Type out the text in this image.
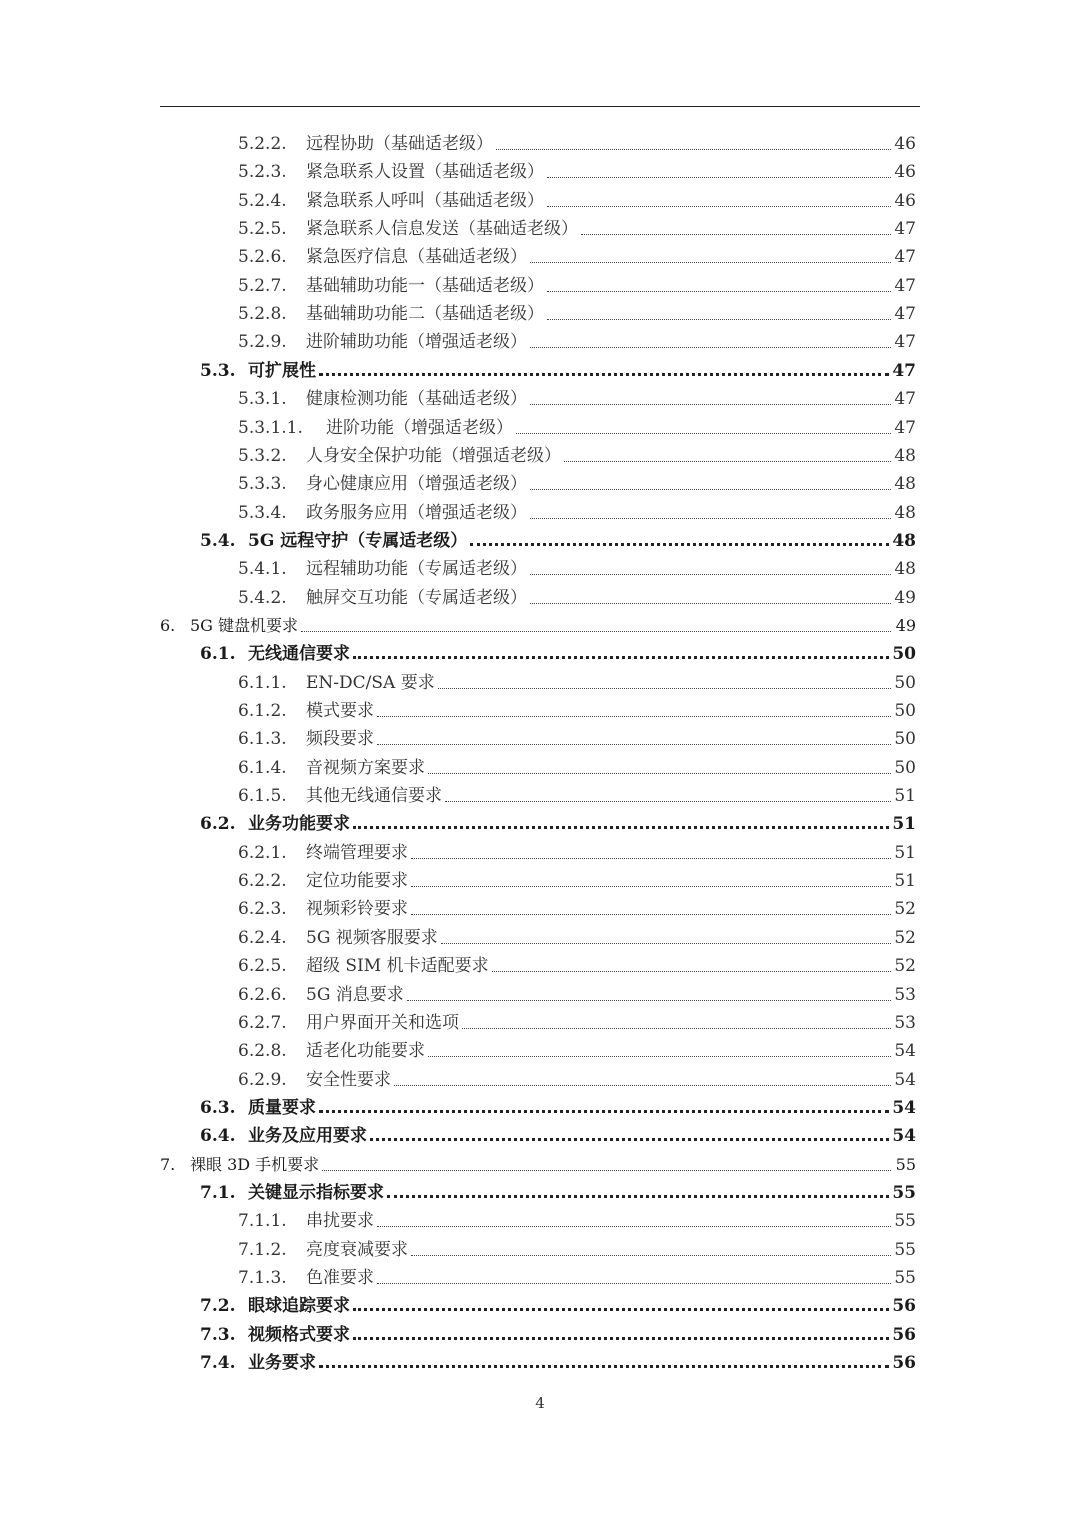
5.2.2.	远程协助（基础适老级）	46
5.2.3.	紧急联系人设置（基础适老级）	46
5.2.4.	紧急联系人呼叫（基础适老级）	46
5.2.5.	紧急联系人信息发送（基础适老级）	47
5.2.6.	紧急医疗信息（基础适老级）	47
5.2.7.	基础辅助功能一（基础适老级）	47
5.2.8.	基础辅助功能二（基础适老级）	47
5.2.9.	进阶辅助功能（增强适老级）	47
5.3. 可扩展性	47
5.3.1.	健康检测功能（基础适老级）	47
5.3.1.1.	进阶功能（增强适老级）	47
5.3.2.	人身安全保护功能（增强适老级）	48
5.3.3.	身心健康应用（增强适老级）	48
5.3.4.	政务服务应用（增强适老级）	48
5.4. 5G 远程守护（专属适老级）	48
5.4.1.	远程辅助功能（专属适老级）	48
5.4.2.	触屏交互功能（专属适老级）	49
6. 5G 键盘机要求	49
6.1. 无线通信要求	50
6.1.1.	EN-DC/SA 要求	50
6.1.2.	模式要求	50
6.1.3.	频段要求	50
6.1.4.	音视频方案要求	50
6.1.5.	其他无线通信要求	51
6.2. 业务功能要求	51
6.2.1.	终端管理要求	51
6.2.2.	定位功能要求	51
6.2.3.	视频彩铃要求	52
6.2.4.	5G 视频客服要求	52
6.2.5.	超级 SIM 机卡适配要求	52
6.2.6.	5G 消息要求	53
6.2.7.	用户界面开关和选项	53
6.2.8.	适老化功能要求	54
6.2.9.	安全性要求	54
6.3. 质量要求	54
6.4. 业务及应用要求	54
7. 裸眼 3D 手机要求	55
7.1. 关键显示指标要求	55
7.1.1.	串扰要求	55
7.1.2.	亮度衰减要求	55
7.1.3.	色准要求	55
7.2. 眼球追踪要求	56
7.3. 视频格式要求	56
7.4. 业务要求	56
4
